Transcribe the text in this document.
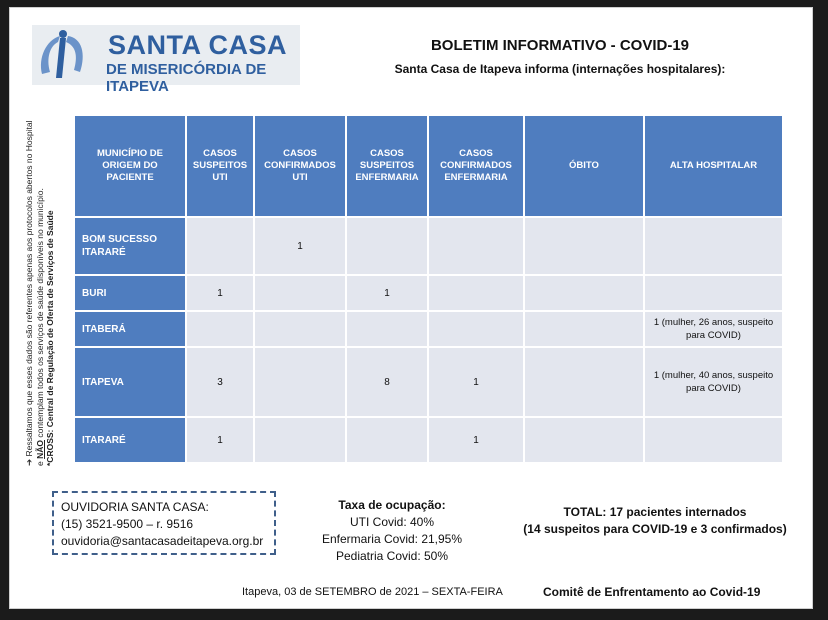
SANTA CASA
DE MISERICÓRDIA DE ITAPEVA
BOLETIM INFORMATIVO - COVID-19
Santa Casa de Itapeva informa (internações hospitalares):
➔ Ressaltamos que esses dados são referentes apenas aos protocolos abertos no Hospital e NÃO contemplam todos os serviços de saúde disponíveis no município. *CROSS: Central de Regulação de Oferta de Serviços de Saúde
MUNICÍPIO DE ORIGEM DO PACIENTE	CASOS SUSPEITOS UTI	CASOS CONFIRMADOS UTI	CASOS SUSPEITOS ENFERMARIA	CASOS CONFIRMADOS ENFERMARIA	ÓBITO	ALTA HOSPITALAR
BOM SUCESSO ITARARÉ		1				
BURI	1		1			
ITABERÁ						1 (mulher, 26 anos, suspeito para COVID)
ITAPEVA	3		8	1		1 (mulher, 40 anos, suspeito para COVID)
ITARARÉ	1			1		
OUVIDORIA SANTA CASA:
(15) 3521-9500 – r. 9516
ouvidoria@santacasadeitapeva.org.br
Taxa de ocupação:
UTI Covid: 40%
Enfermaria Covid: 21,95%
Pediatria Covid: 50%
TOTAL: 17 pacientes internados
(14 suspeitos para COVID-19 e 3 confirmados)
Itapeva, 03 de SETEMBRO de 2021 – SEXTA-FEIRA	Comitê de Enfrentamento ao Covid-19
